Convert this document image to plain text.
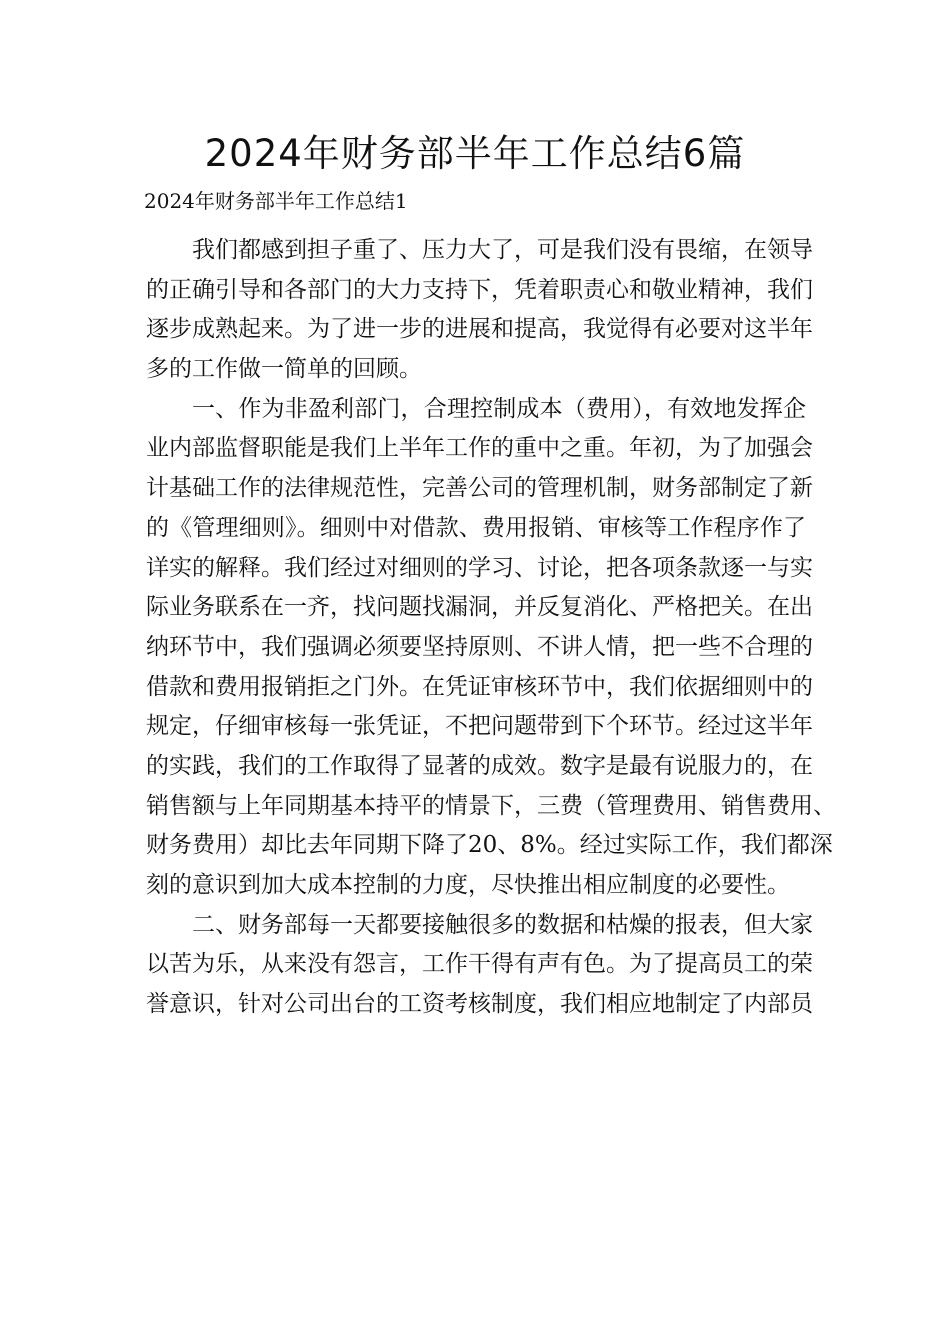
2024年财务部半年工作总结6篇
2024年财务部半年工作总结1
我们都感到担子重了、压力大了，可是我们没有畏缩，在领导
的正确引导和各部门的大力支持下，凭着职责心和敬业精神，我们
逐步成熟起来。为了进一步的进展和提高，我觉得有必要对这半年
多的工作做一简单的回顾。
一、作为非盈利部门，合理控制成本（费用），有效地发挥企
业内部监督职能是我们上半年工作的重中之重。年初，为了加强会
计基础工作的法律规范性，完善公司的管理机制，财务部制定了新
的《管理细则》。细则中对借款、费用报销、审核等工作程序作了
详实的解释。我们经过对细则的学习、讨论，把各项条款逐一与实
际业务联系在一齐，找问题找漏洞，并反复消化、严格把关。在出
纳环节中，我们强调必须要坚持原则、不讲人情，把一些不合理的
借款和费用报销拒之门外。在凭证审核环节中，我们依据细则中的
规定，仔细审核每一张凭证，不把问题带到下个环节。经过这半年
的实践，我们的工作取得了显著的成效。数字是最有说服力的，在
销售额与上年同期基本持平的情景下，三费（管理费用、销售费用、
财务费用）却比去年同期下降了20、8%。经过实际工作，我们都深
刻的意识到加大成本控制的力度，尽快推出相应制度的必要性。
二、财务部每一天都要接触很多的数据和枯燥的报表，但大家
以苦为乐，从来没有怨言，工作干得有声有色。为了提高员工的荣
誉意识，针对公司出台的工资考核制度，我们相应地制定了内部员
